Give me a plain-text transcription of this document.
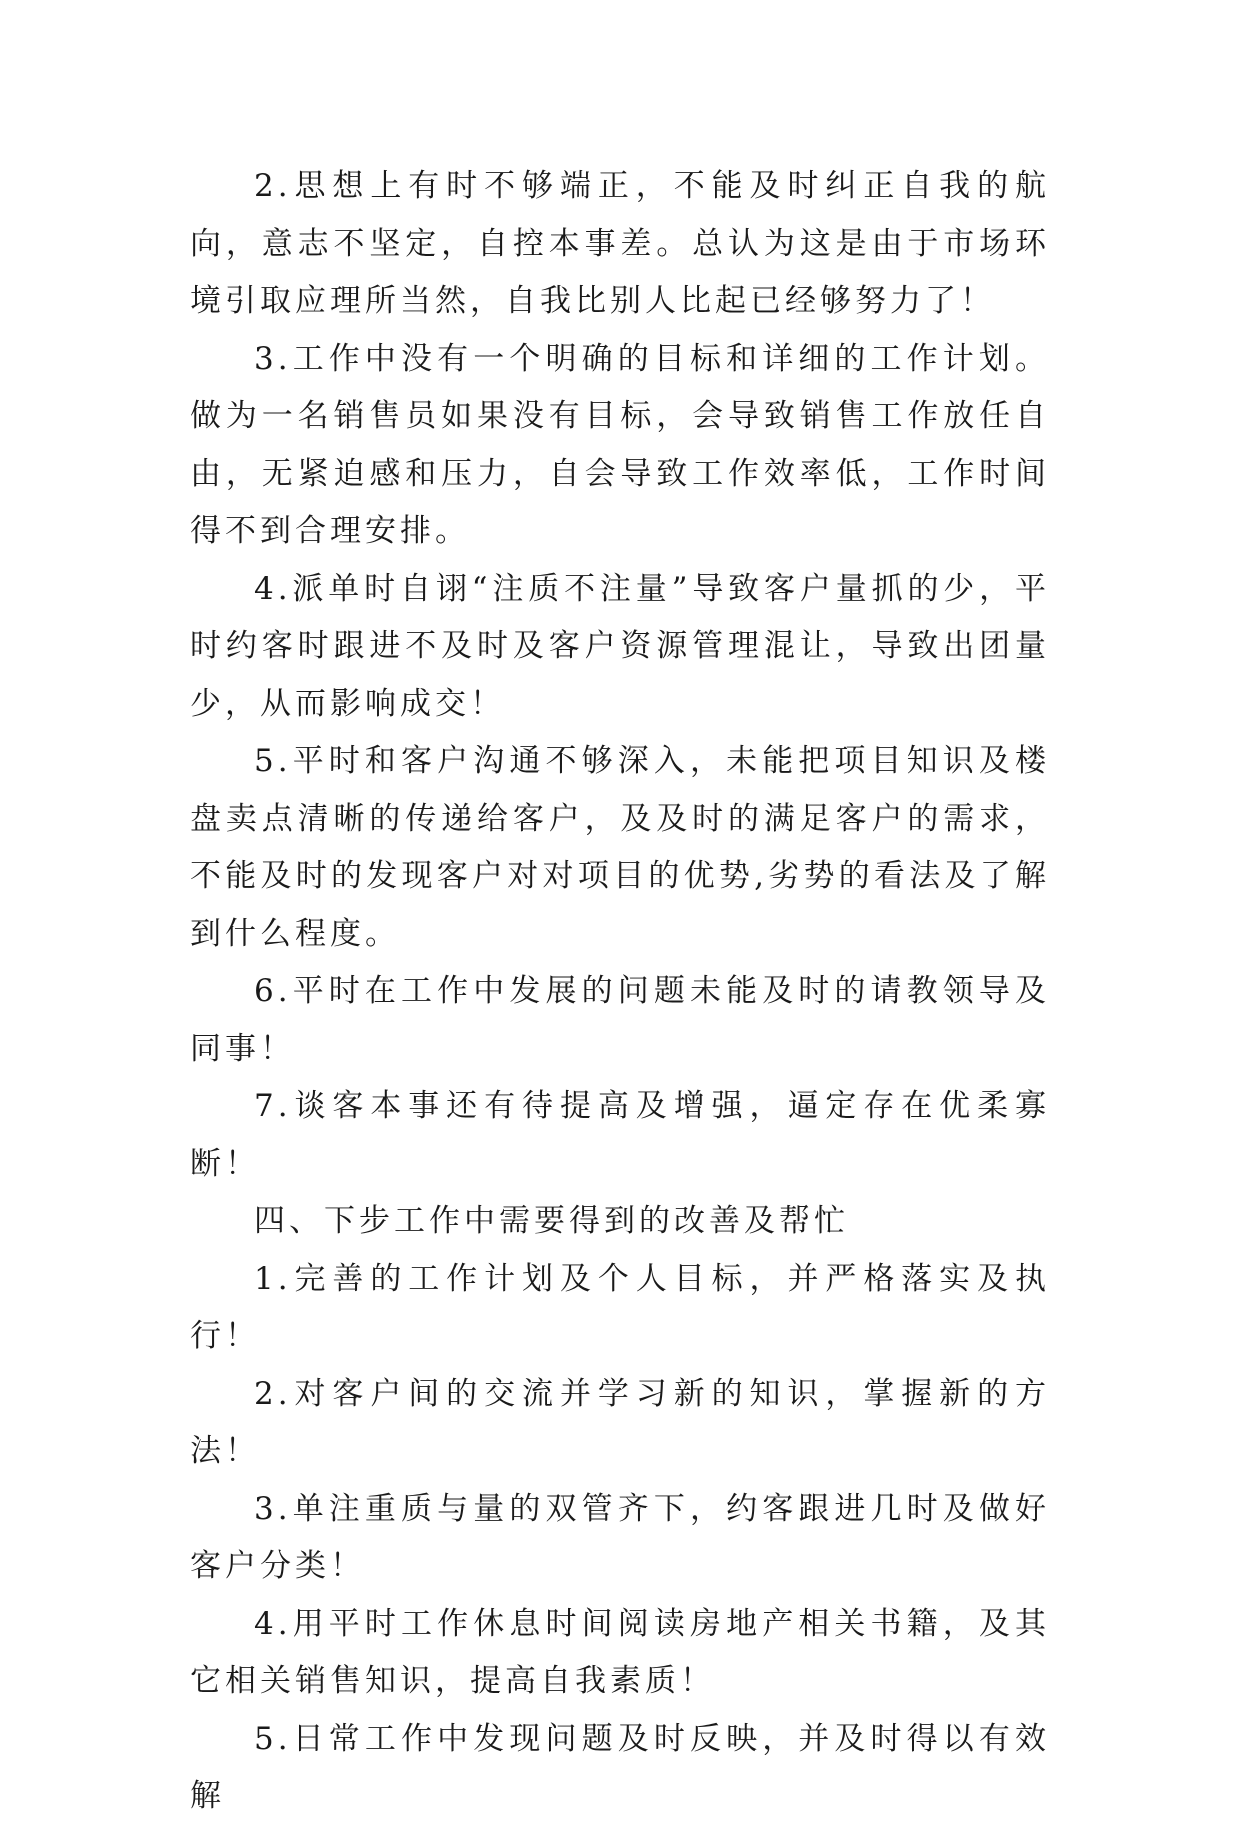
2.思想上有时不够端正，不能及时纠正自我的航向，意志不坚定，自控本事差。总认为这是由于市场环境引取应理所当然，自我比别人比起已经够努力了！

3.工作中没有一个明确的目标和详细的工作计划。做为一名销售员如果没有目标，会导致销售工作放任自由，无紧迫感和压力，自会导致工作效率低，工作时间得不到合理安排。

4.派单时自诩“注质不注量”导致客户量抓的少，平时约客时跟进不及时及客户资源管理混让，导致出团量少，从而影响成交！

5.平时和客户沟通不够深入，未能把项目知识及楼盘卖点清晰的传递给客户，及及时的满足客户的需求，不能及时的发现客户对对项目的优势,劣势的看法及了解到什么程度。

6.平时在工作中发展的问题未能及时的请教领导及同事！

7.谈客本事还有待提高及增强，逼定存在优柔寡断！

四、下步工作中需要得到的改善及帮忙

1.完善的工作计划及个人目标，并严格落实及执行！

2.对客户间的交流并学习新的知识，掌握新的方法！

3.单注重质与量的双管齐下，约客跟进几时及做好客户分类！

4.用平时工作休息时间阅读房地产相关书籍，及其它相关销售知识，提高自我素质！

5.日常工作中发现问题及时反映，并及时得以有效解
